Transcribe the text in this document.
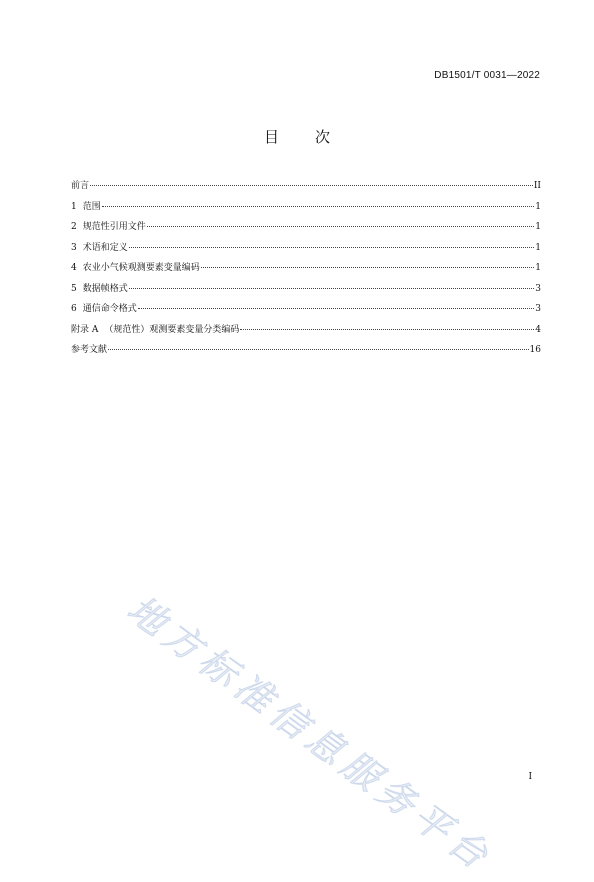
DB1501/T 0031—2022
目 次
前言	II
1 范围	1
2 规范性引用文件	1
3 术语和定义	1
4 农业小气候观测要素变量编码	1
5 数据帧格式	3
6 通信命令格式	3
附录 A （规范性）观测要素变量分类编码	4
参考文献	16
地方标准信息服务平台	I
